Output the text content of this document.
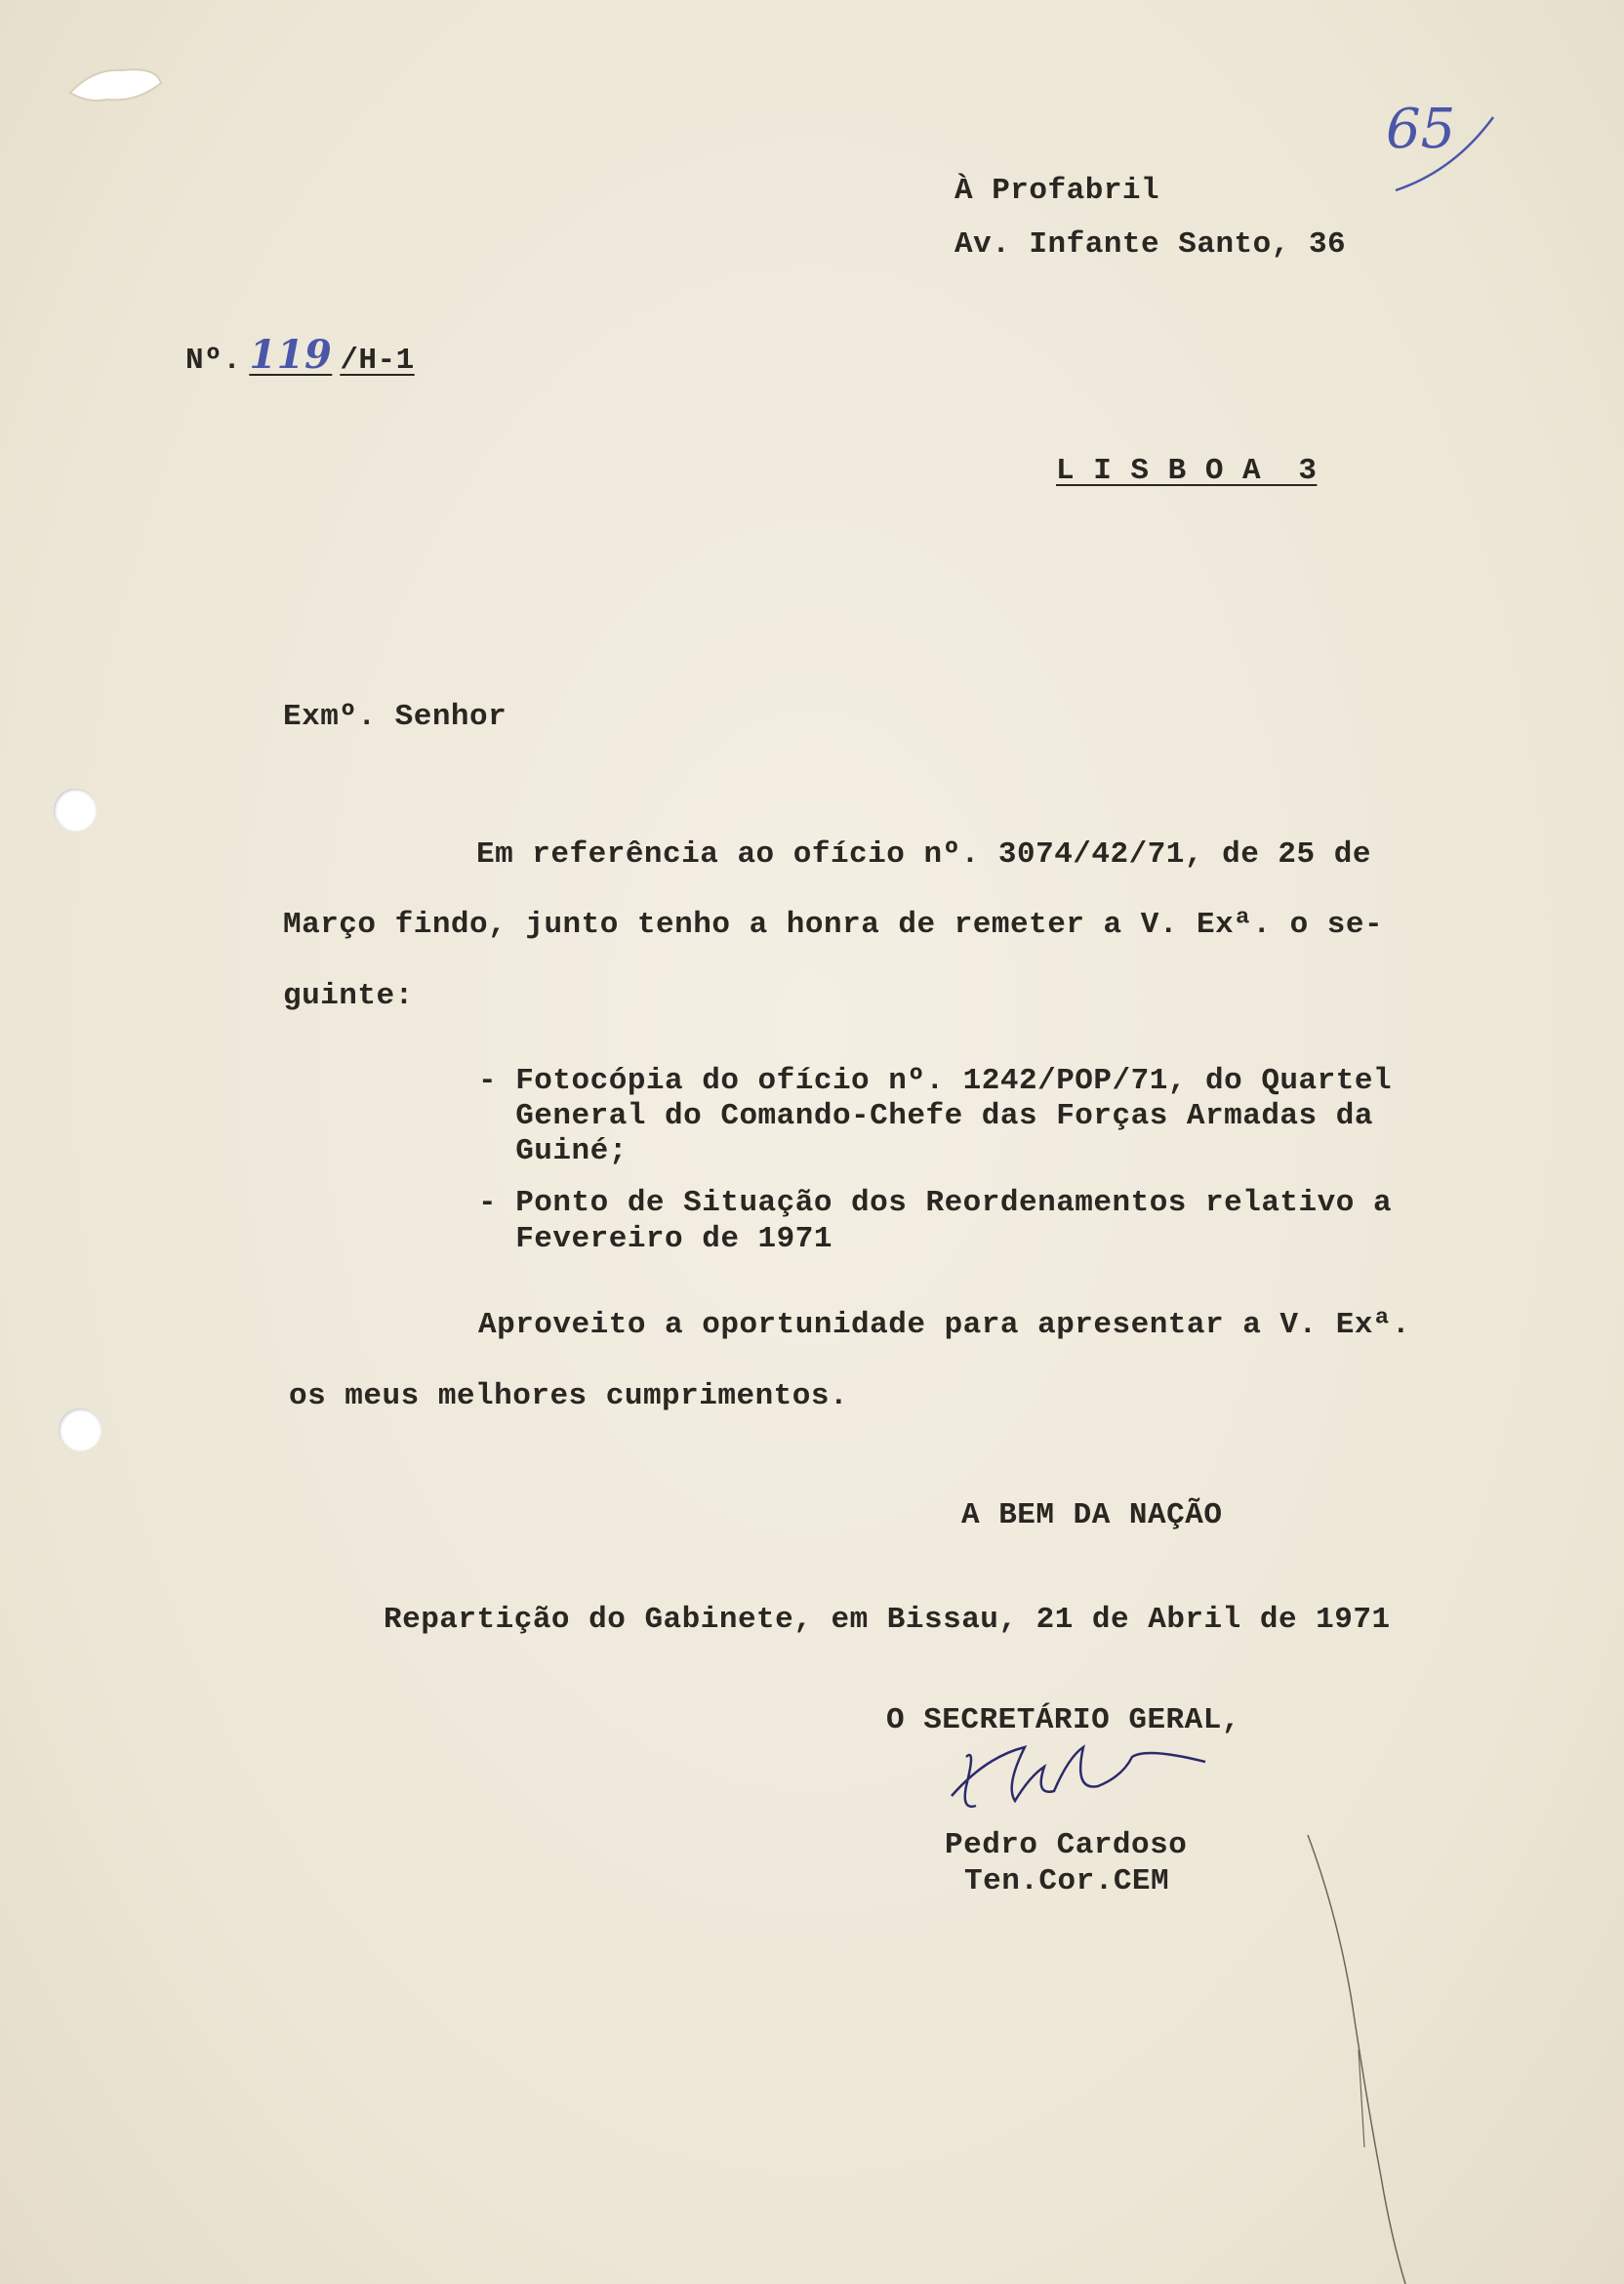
65
À Profabril
Av. Infante Santo, 36
Nº. 119 /H-1
L I S B O A  3
Exmº. Senhor
Em referência ao ofício nº. 3074/42/71, de 25 de
Março findo, junto tenho a honra de remeter a V. Exª. o se-
guinte:
- Fotocópia do ofício nº. 1242/POP/71, do Quartel
General do Comando-Chefe das Forças Armadas da
Guiné;
- Ponto de Situação dos Reordenamentos relativo a
Fevereiro de 1971
Aproveito a oportunidade para apresentar a V. Exª.
os meus melhores cumprimentos.
A BEM DA NAÇÃO
Repartição do Gabinete, em Bissau, 21 de Abril de 1971
O SECRETÁRIO GERAL,
Pedro Cardoso
Ten.Cor.CEM
